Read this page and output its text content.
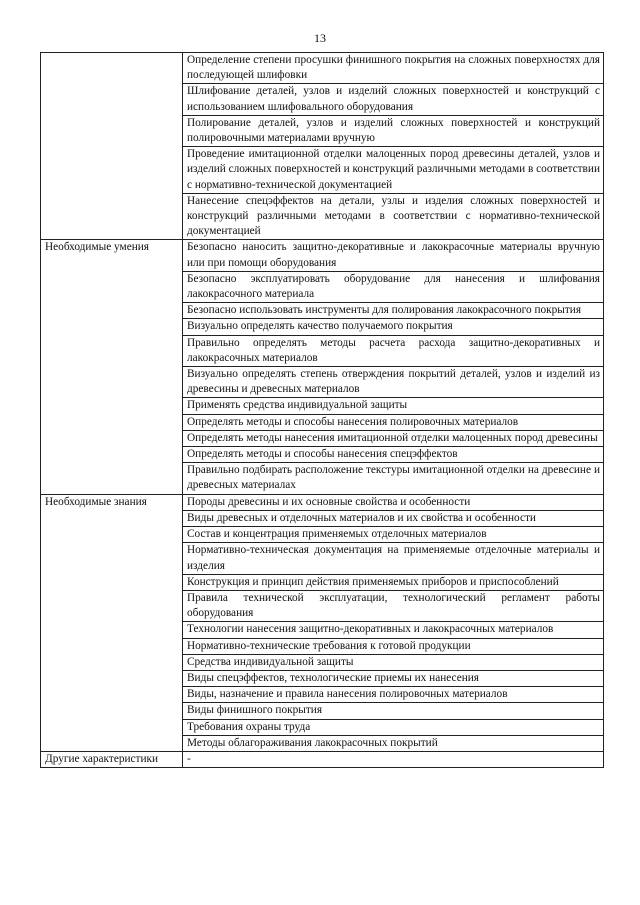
13
	Определение степени просушки финишного покрытия на сложных поверхностях для последующей шлифовки
	Шлифование деталей, узлов и изделий сложных поверхностей и конструкций с использованием шлифовального оборудования
	Полирование деталей, узлов и изделий сложных поверхностей и конструкций полировочными материалами вручную
	Проведение имитационной отделки малоценных пород древесины деталей, узлов и изделий сложных поверхностей и конструкций различными методами в соответствии с нормативно-технической документацией
	Нанесение спецэффектов на детали, узлы и изделия сложных поверхностей и конструкций различными методами в соответствии с нормативно-технической документацией
Необходимые умения	Безопасно наносить защитно-декоративные и лакокрасочные материалы вручную или при помощи оборудования
	Безопасно эксплуатировать оборудование для нанесения и шлифования лакокрасочного материала
	Безопасно использовать инструменты для полирования лакокрасочного покрытия
	Визуально определять качество получаемого покрытия
	Правильно определять методы расчета расхода защитно-декоративных и лакокрасочных материалов
	Визуально определять степень отверждения покрытий деталей, узлов и изделий из древесины и древесных материалов
	Применять средства индивидуальной защиты
	Определять методы и способы нанесения полировочных материалов
	Определять методы нанесения имитационной отделки малоценных пород древесины
	Определять методы и способы нанесения спецэффектов
	Правильно подбирать расположение текстуры имитационной отделки на древесине и древесных материалах
Необходимые знания	Породы древесины и их основные свойства и особенности
	Виды древесных и отделочных материалов и их свойства и особенности
	Состав и концентрация применяемых отделочных материалов
	Нормативно-техническая документация на применяемые отделочные материалы и изделия
	Конструкция и принцип действия применяемых приборов и приспособлений
	Правила технической эксплуатации, технологический регламент работы оборудования
	Технологии нанесения защитно-декоративных и лакокрасочных материалов
	Нормативно-технические требования к готовой продукции
	Средства индивидуальной защиты
	Виды спецэффектов, технологические приемы их нанесения
	Виды, назначение и правила нанесения полировочных материалов
	Виды финишного покрытия
	Требования охраны труда
	Методы облагораживания лакокрасочных покрытий
Другие характеристики	-
